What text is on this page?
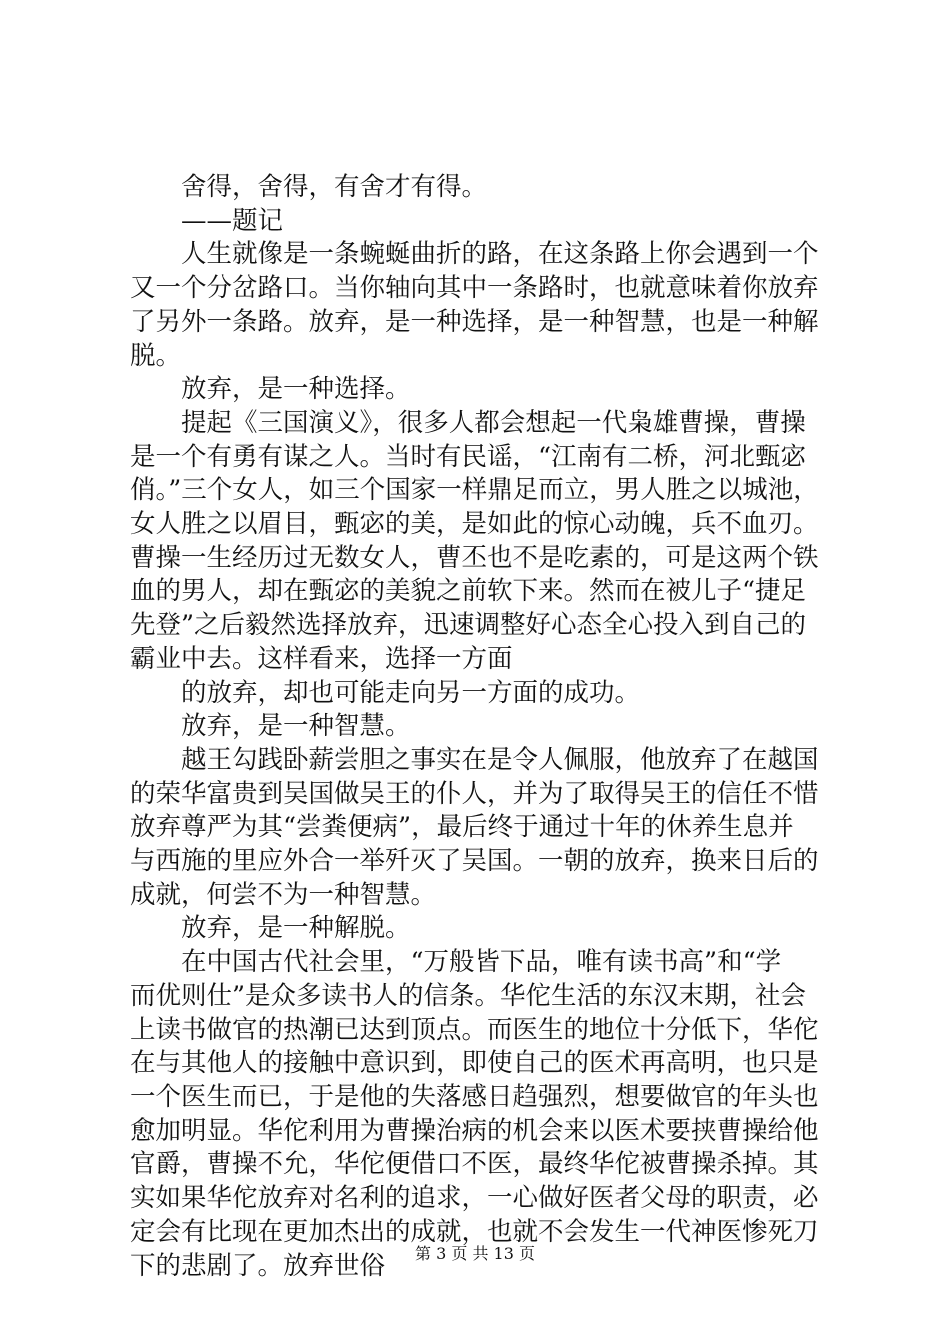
舍得，舍得，有舍才有得。

——题记

人生就像是一条蜿蜒曲折的路，在这条路上你会遇到一个

又一个分岔路口。当你轴向其中一条路时，也就意味着你放弃

了另外一条路。放弃，是一种选择，是一种智慧，也是一种解

脱。

放弃，是一种选择。

提起《三国演义》，很多人都会想起一代枭雄曹操，曹操

是一个有勇有谋之人。当时有民谣，“江南有二桥，河北甄宓

俏。”三个女人，如三个国家一样鼎足而立，男人胜之以城池，

女人胜之以眉目，甄宓的美，是如此的惊心动魄，兵不血刃。

曹操一生经历过无数女人，曹丕也不是吃素的，可是这两个铁

血的男人，却在甄宓的美貌之前软下来。然而在被儿子“捷足

先登”之后毅然选择放弃，迅速调整好心态全心投入到自己的

霸业中去。这样看来，选择一方面

的放弃，却也可能走向另一方面的成功。

放弃，是一种智慧。

越王勾践卧薪尝胆之事实在是令人佩服，他放弃了在越国

的荣华富贵到吴国做吴王的仆人，并为了取得吴王的信任不惜

放弃尊严为其“尝粪便病”，最后终于通过十年的休养生息并

与西施的里应外合一举歼灭了吴国。一朝的放弃，换来日后的

成就，何尝不为一种智慧。

放弃，是一种解脱。

在中国古代社会里，“万般皆下品，唯有读书高”和“学

而优则仕”是众多读书人的信条。华佗生活的东汉末期，社会

上读书做官的热潮已达到顶点。而医生的地位十分低下，华佗

在与其他人的接触中意识到，即使自己的医术再高明，也只是

一个医生而已，于是他的失落感日趋强烈，想要做官的年头也

愈加明显。华佗利用为曹操治病的机会来以医术要挟曹操给他

官爵，曹操不允，华佗便借口不医，最终华佗被曹操杀掉。其

实如果华佗放弃对名利的追求，一心做好医者父母的职责，必

定会有比现在更加杰出的成就，也就不会发生一代神医惨死刀

下的悲剧了。放弃世俗	第 3 页 共 13 页
